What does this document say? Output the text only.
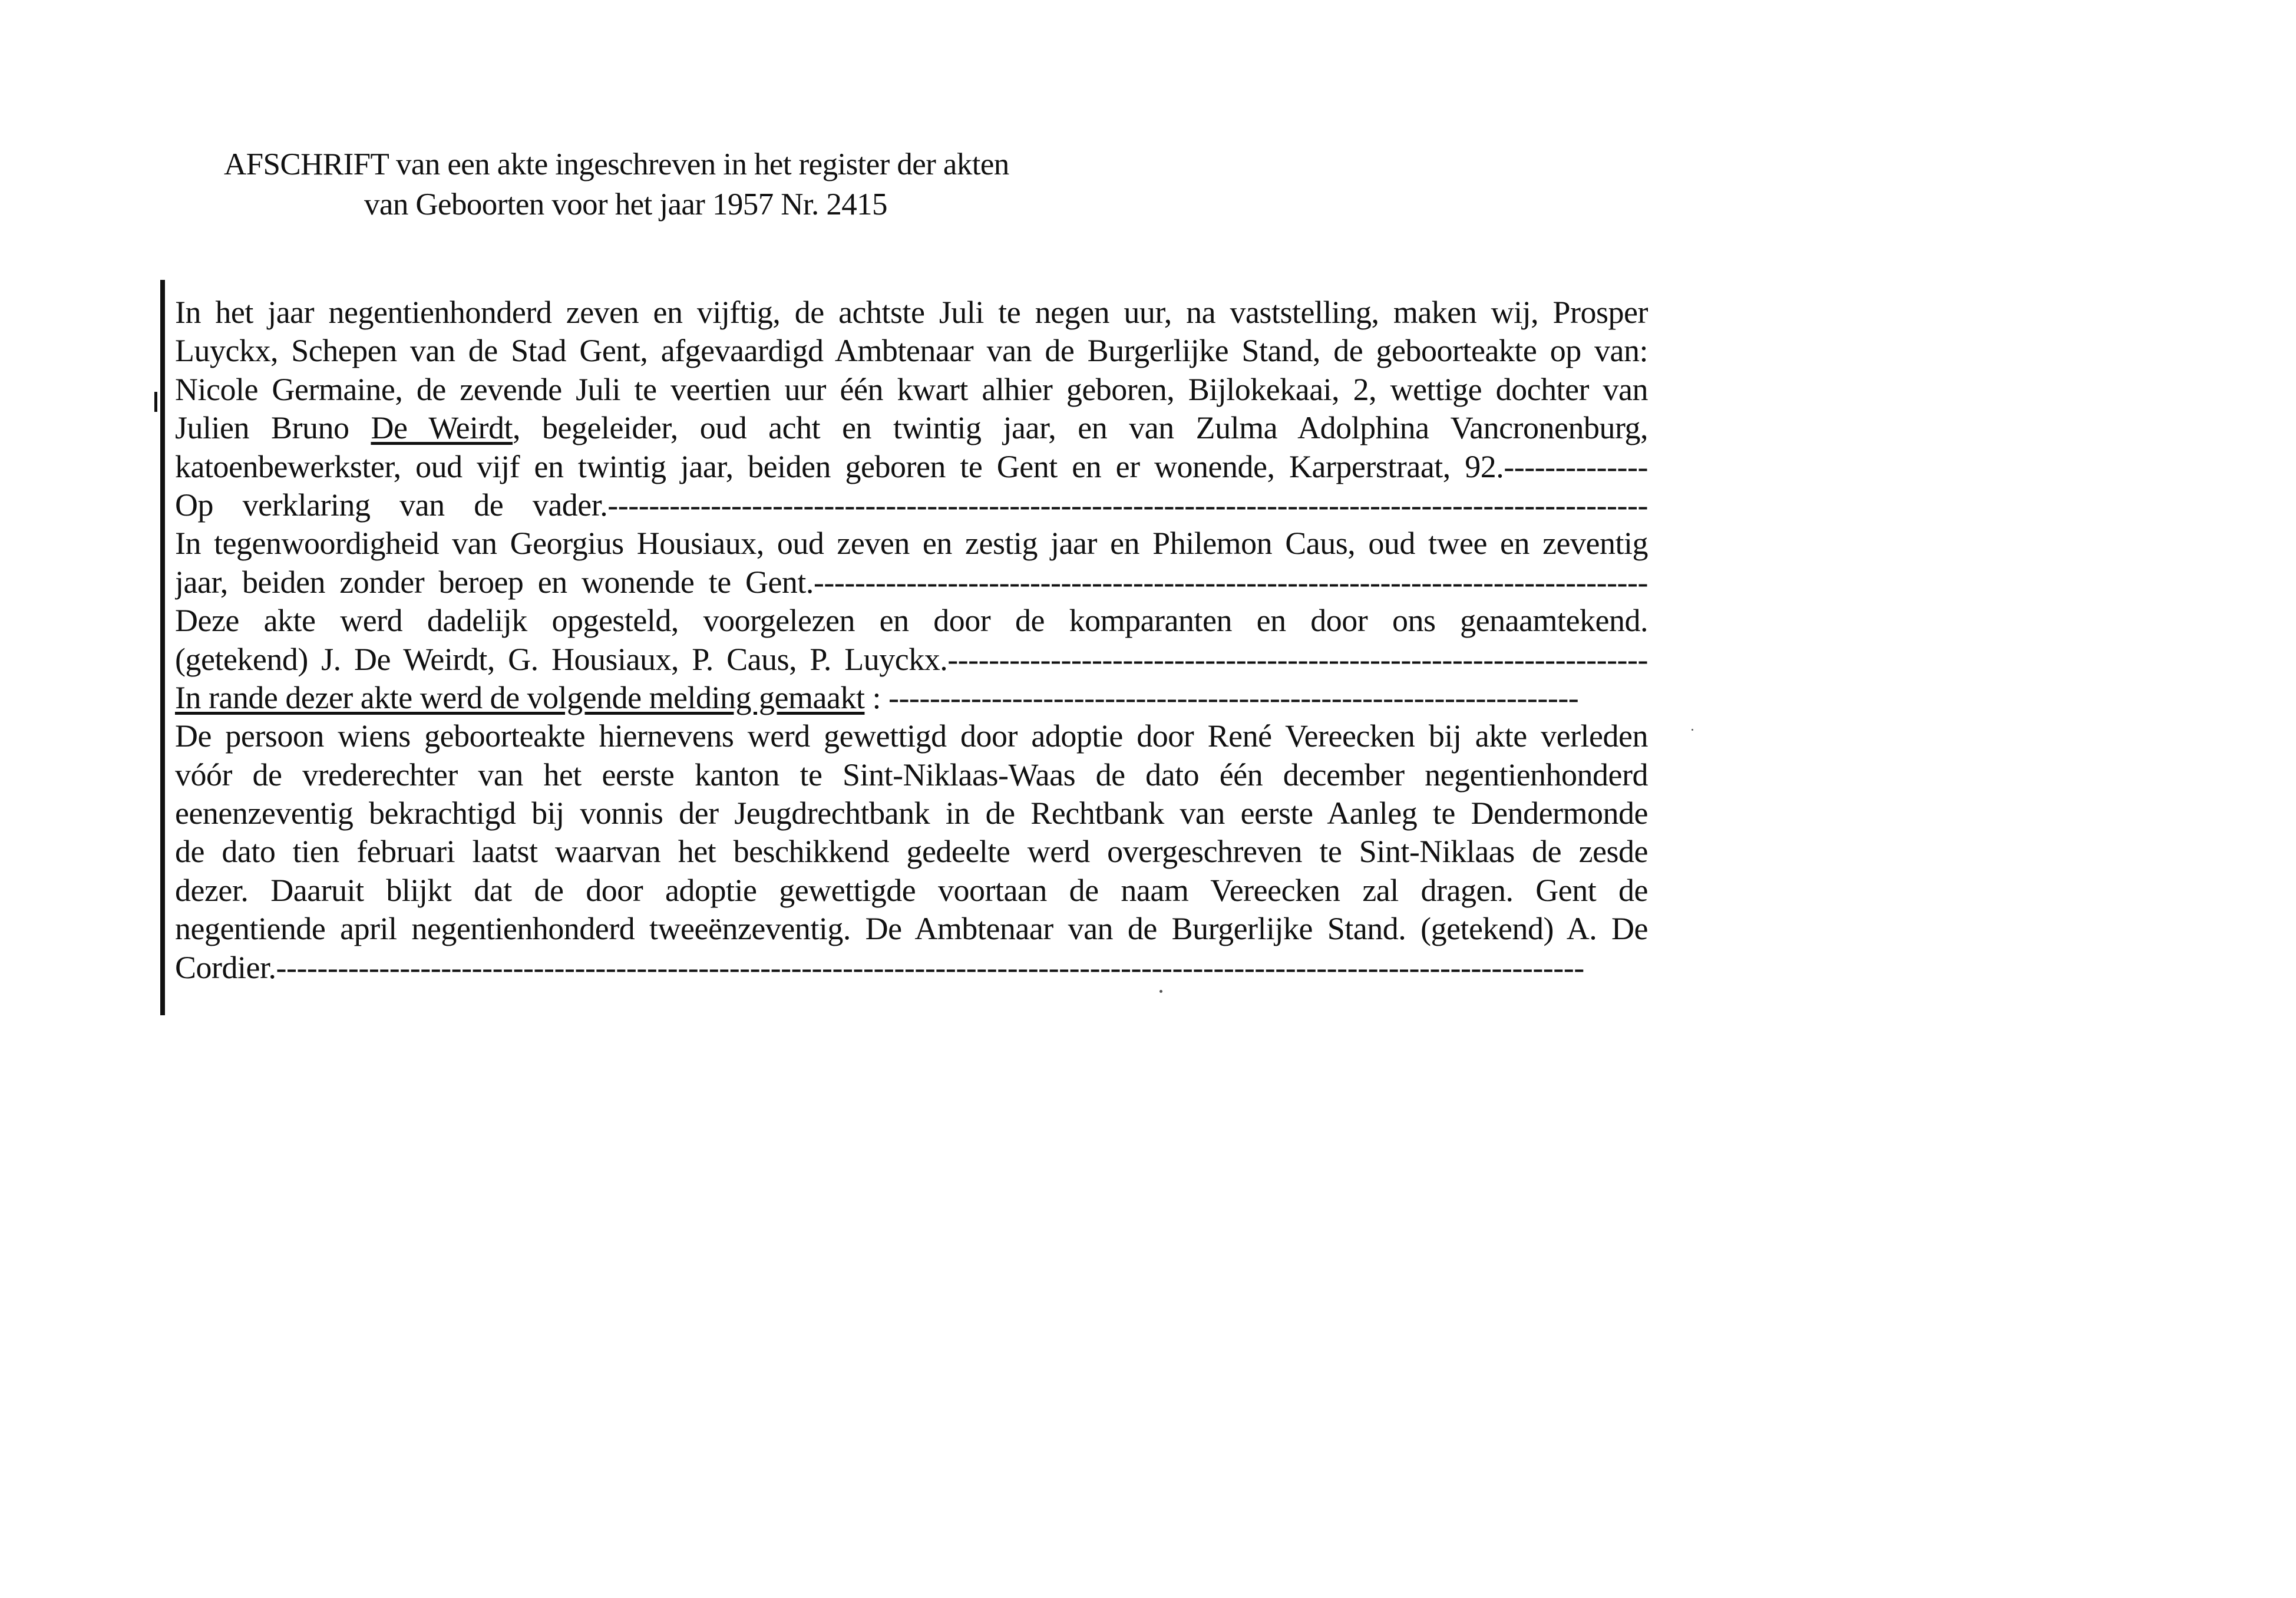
AFSCHRIFT van een akte ingeschreven in het register der akten
van Geboorten voor het jaar 1957 Nr. 2415
In het jaar negentienhonderd zeven en vijftig, de achtste Juli te negen uur, na vaststelling, maken wij, Prosper
Luyckx, Schepen van de Stad Gent, afgevaardigd Ambtenaar van de Burgerlijke Stand, de geboorteakte op van:
Nicole Germaine, de zevende Juli te veertien uur één kwart alhier geboren, Bijlokekaai, 2, wettige dochter van
Julien Bruno De Weirdt, begeleider, oud acht en twintig jaar, en van Zulma Adolphina Vancronenburg,
katoenbewerkster, oud vijf en twintig jaar, beiden geboren te Gent en er wonende, Karperstraat, 92.--------------
Op verklaring van de vader.-----------------------------------------------------------------------------------------------------
In tegenwoordigheid van Georgius Housiaux, oud zeven en zestig jaar en Philemon Caus, oud twee en zeventig
jaar, beiden zonder beroep en wonende te Gent.---------------------------------------------------------------------------------
Deze akte werd dadelijk opgesteld, voorgelezen en door de komparanten en door ons genaamtekend.
(getekend) J. De Weirdt, G. Housiaux, P. Caus, P. Luyckx.--------------------------------------------------------------------
In rande dezer akte werd de volgende melding gemaakt : -------------------------------------------------------------------
De persoon wiens geboorteakte hiernevens werd gewettigd door adoptie door René Vereecken bij akte verleden
vóór de vrederechter van het eerste kanton te Sint-Niklaas-Waas de dato één december negentienhonderd
eenenzeventig bekrachtigd bij vonnis der Jeugdrechtbank in de Rechtbank van eerste Aanleg te Dendermonde
de dato tien februari laatst waarvan het beschikkend gedeelte werd overgeschreven te Sint-Niklaas de zesde
dezer. Daaruit blijkt dat de door adoptie gewettigde voortaan de naam Vereecken zal dragen. Gent de
negentiende april negentienhonderd tweeënzeventig. De Ambtenaar van de Burgerlijke Stand. (getekend) A. De
Cordier.-------------------------------------------------------------------------------------------------------------------------------
